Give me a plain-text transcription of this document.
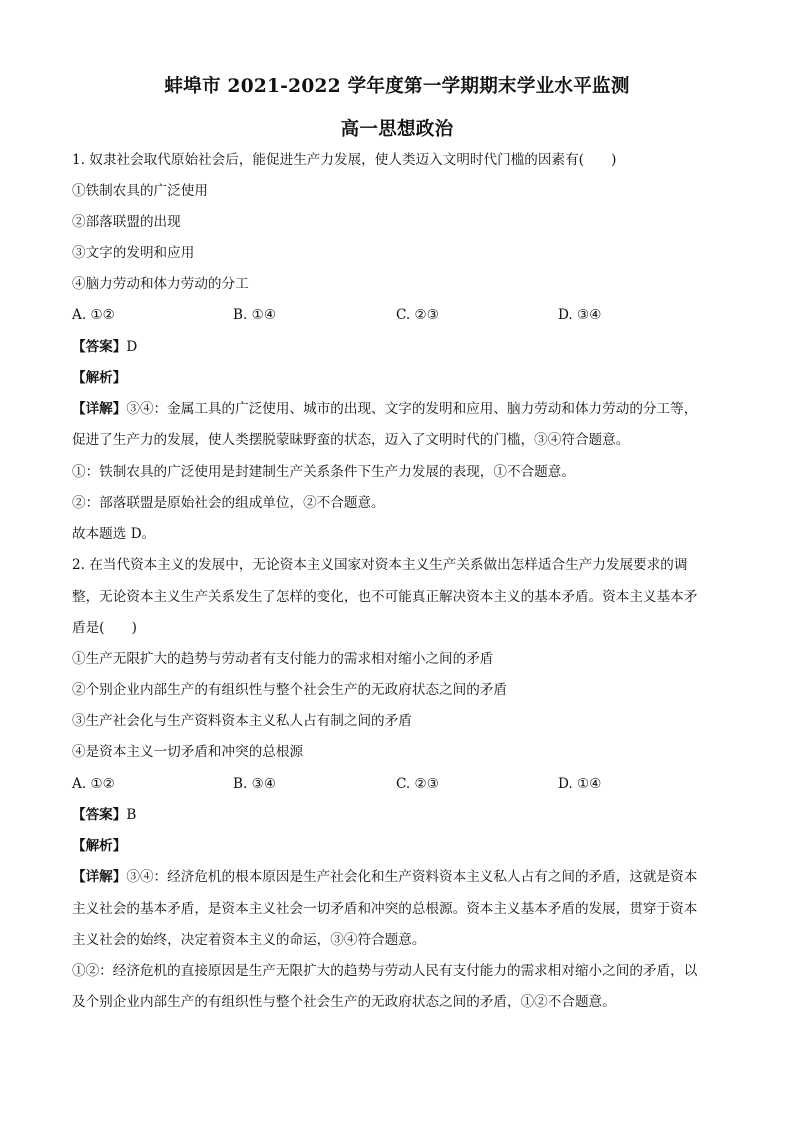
蚌埠市 2021-2022 学年度第一学期期末学业水平监测
高一思想政治
1. 奴隶社会取代原始社会后，能促进生产力发展，使人类迈入文明时代门槛的因素有(　　)
①铁制农具的广泛使用
②部落联盟的出现
③文字的发明和应用
④脑力劳动和体力劳动的分工
A. ①②	B. ①④	C. ②③	D. ③④
【答案】D
【解析】
【详解】③④：金属工具的广泛使用、城市的出现、文字的发明和应用、脑力劳动和体力劳动的分工等，
促进了生产力的发展，使人类摆脱蒙昧野蛮的状态，迈入了文明时代的门槛，③④符合题意。
①：铁制农具的广泛使用是封建制生产关系条件下生产力发展的表现，①不合题意。
②：部落联盟是原始社会的组成单位，②不合题意。
故本题选 D。
2. 在当代资本主义的发展中，无论资本主义国家对资本主义生产关系做出怎样适合生产力发展要求的调
整，无论资本主义生产关系发生了怎样的变化，也不可能真正解决资本主义的基本矛盾。资本主义基本矛
盾是(　　)
①生产无限扩大的趋势与劳动者有支付能力的需求相对缩小之间的矛盾
②个别企业内部生产的有组织性与整个社会生产的无政府状态之间的矛盾
③生产社会化与生产资料资本主义私人占有制之间的矛盾
④是资本主义一切矛盾和冲突的总根源
A. ①②	B. ③④	C. ②③	D. ①④
【答案】B
【解析】
【详解】③④：经济危机的根本原因是生产社会化和生产资料资本主义私人占有之间的矛盾，这就是资本
主义社会的基本矛盾，是资本主义社会一切矛盾和冲突的总根源。资本主义基本矛盾的发展，贯穿于资本
主义社会的始终，决定着资本主义的命运，③④符合题意。
①②：经济危机的直接原因是生产无限扩大的趋势与劳动人民有支付能力的需求相对缩小之间的矛盾，以
及个别企业内部生产的有组织性与整个社会生产的无政府状态之间的矛盾，①②不合题意。
